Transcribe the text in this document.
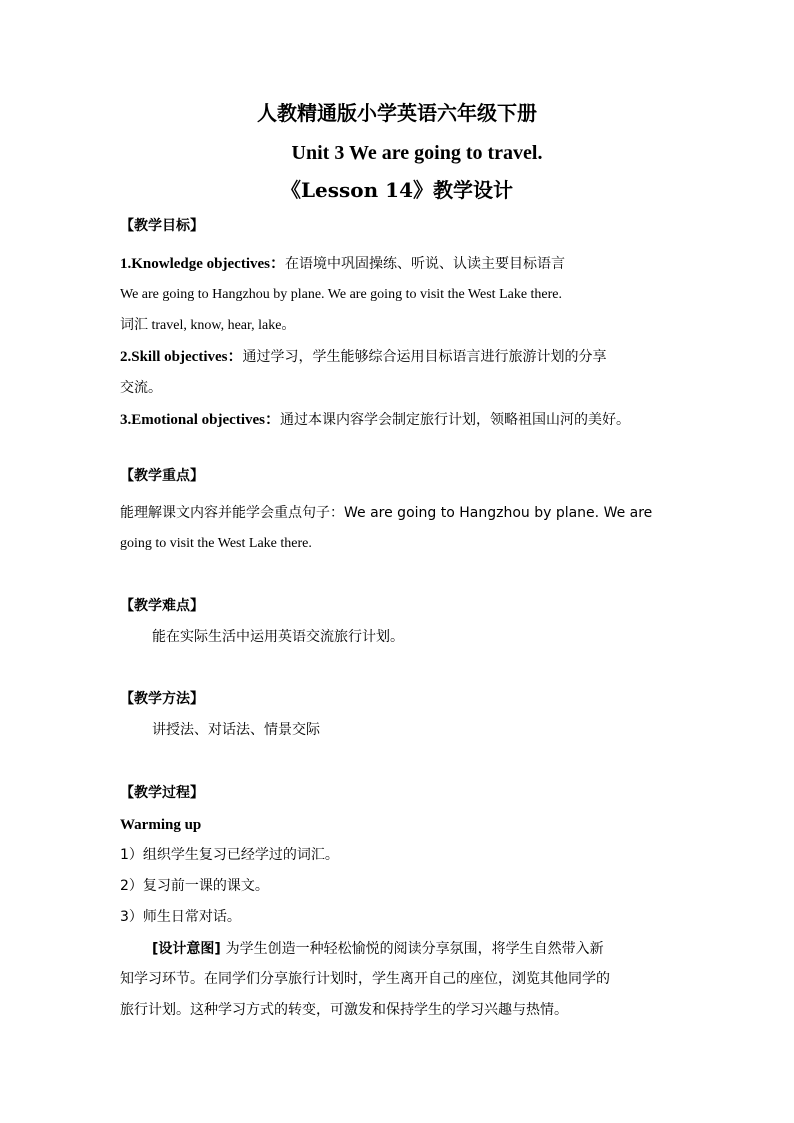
人教精通版小学英语六年级下册
Unit 3 We are going to travel.
《Lesson 14》教学设计
【教学目标】
1.Knowledge objectives：在语境中巩固操练、听说、认读主要目标语言
We are going to Hangzhou by plane. We are going to visit the West Lake there.
词汇 travel, know, hear, lake。
2.Skill objectives：通过学习，学生能够综合运用目标语言进行旅游计划的分享
交流。
3.Emotional objectives：通过本课内容学会制定旅行计划，领略祖国山河的美好。
【教学重点】
能理解课文内容并能学会重点句子：We are going to Hangzhou by plane. We are
going to visit the West Lake there.
【教学难点】
能在实际生活中运用英语交流旅行计划。
【教学方法】
讲授法、对话法、情景交际
【教学过程】
Warming up
1）组织学生复习已经学过的词汇。
2）复习前一课的课文。
3）师生日常对话。
[设计意图] 为学生创造一种轻松愉悦的阅读分享氛围，将学生自然带入新
知学习环节。在同学们分享旅行计划时，学生离开自己的座位，浏览其他同学的
旅行计划。这种学习方式的转变，可激发和保持学生的学习兴趣与热情。
